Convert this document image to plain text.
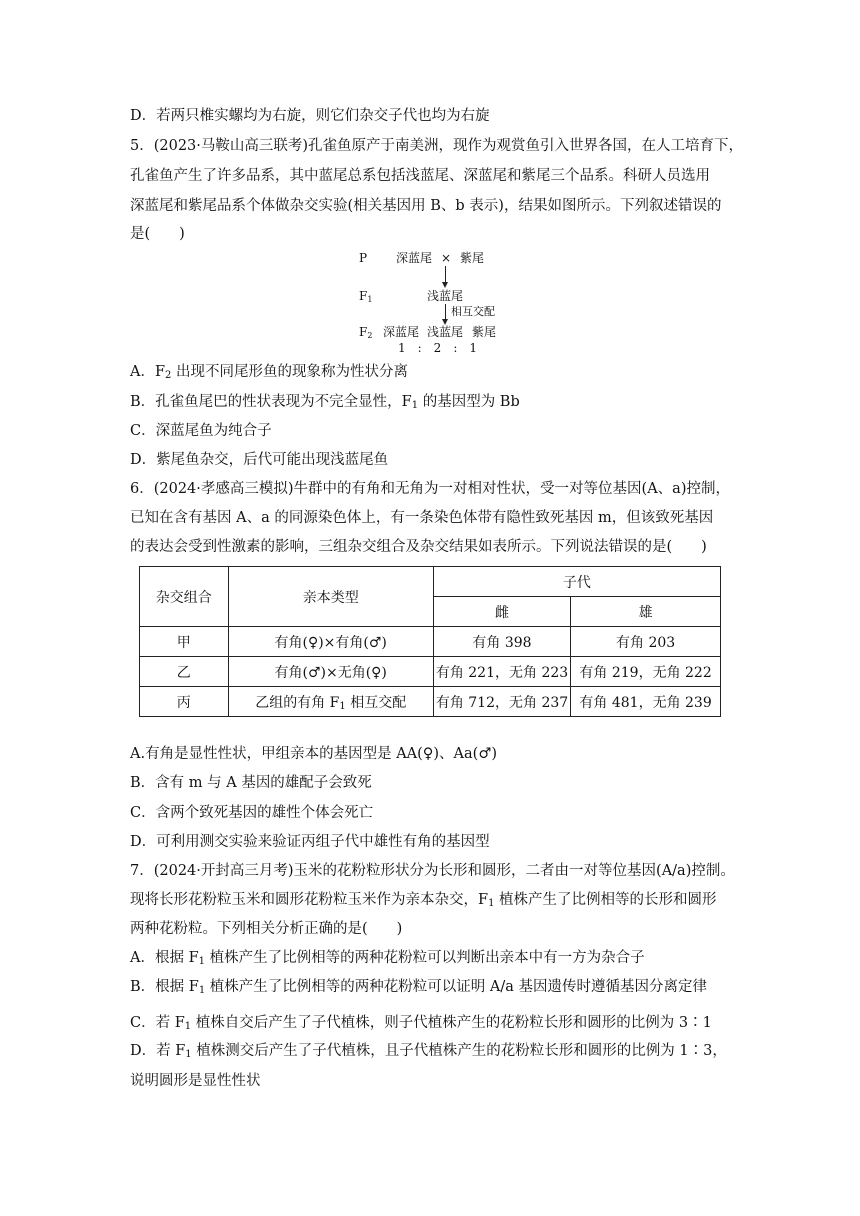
D．若两只椎实螺均为右旋，则它们杂交子代也均为右旋
5．(2023·马鞍山高三联考)孔雀鱼原产于南美洲，现作为观赏鱼引入世界各国，在人工培育下，
孔雀鱼产生了许多品系，其中蓝尾总系包括浅蓝尾、深蓝尾和紫尾三个品系。科研人员选用
深蓝尾和紫尾品系个体做杂交实验(相关基因用 B、b 表示)，结果如图所示。下列叙述错误的
是(　　)
P 深蓝尾 × 紫尾
$F_1$	浅蓝尾
相互交配
$F_2$ 深蓝尾 浅蓝尾 紫尾
1　:　2　:　1
A．$F_2$ 出现不同尾形鱼的现象称为性状分离
B．孔雀鱼尾巴的性状表现为不完全显性，$F_1$ 的基因型为 Bb
C．深蓝尾鱼为纯合子
D．紫尾鱼杂交，后代可能出现浅蓝尾鱼
6．(2024·孝感高三模拟)牛群中的有角和无角为一对相对性状，受一对等位基因(A、a)控制，
已知在含有基因 A、a 的同源染色体上，有一条染色体带有隐性致死基因 m，但该致死基因
的表达会受到性激素的影响，三组杂交组合及杂交结果如表所示。下列说法错误的是(　　)
杂交组合	亲本类型	子代	
		雌	雄
甲	有角(♀)×有角(♂)	有角 398	有角 203
乙	有角(♂)×无角(♀)	有角 221，无角 223	有角 219，无角 222
丙	乙组的有角 $F_1$ 相互交配	有角 712，无角 237	有角 481，无角 239
A.有角是显性性状，甲组亲本的基因型是 AA(♀)、Aa(♂)
B．含有 m 与 A 基因的雄配子会致死
C．含两个致死基因的雄性个体会死亡
D．可利用测交实验来验证丙组子代中雄性有角的基因型
7．(2024·开封高三月考)玉米的花粉粒形状分为长形和圆形，二者由一对等位基因(A/a)控制。
现将长形花粉粒玉米和圆形花粉粒玉米作为亲本杂交，$F_1$ 植株产生了比例相等的长形和圆形
两种花粉粒。下列相关分析正确的是(　　)
A．根据 $F_1$ 植株产生了比例相等的两种花粉粒可以判断出亲本中有一方为杂合子
B．根据 $F_1$ 植株产生了比例相等的两种花粉粒可以证明 A/a 基因遗传时遵循基因分离定律
C．若 $F_1$ 植株自交后产生了子代植株，则子代植株产生的花粉粒长形和圆形的比例为 3∶1
D．若 $F_1$ 植株测交后产生了子代植株，且子代植株产生的花粉粒长形和圆形的比例为 1∶3，
说明圆形是显性性状
